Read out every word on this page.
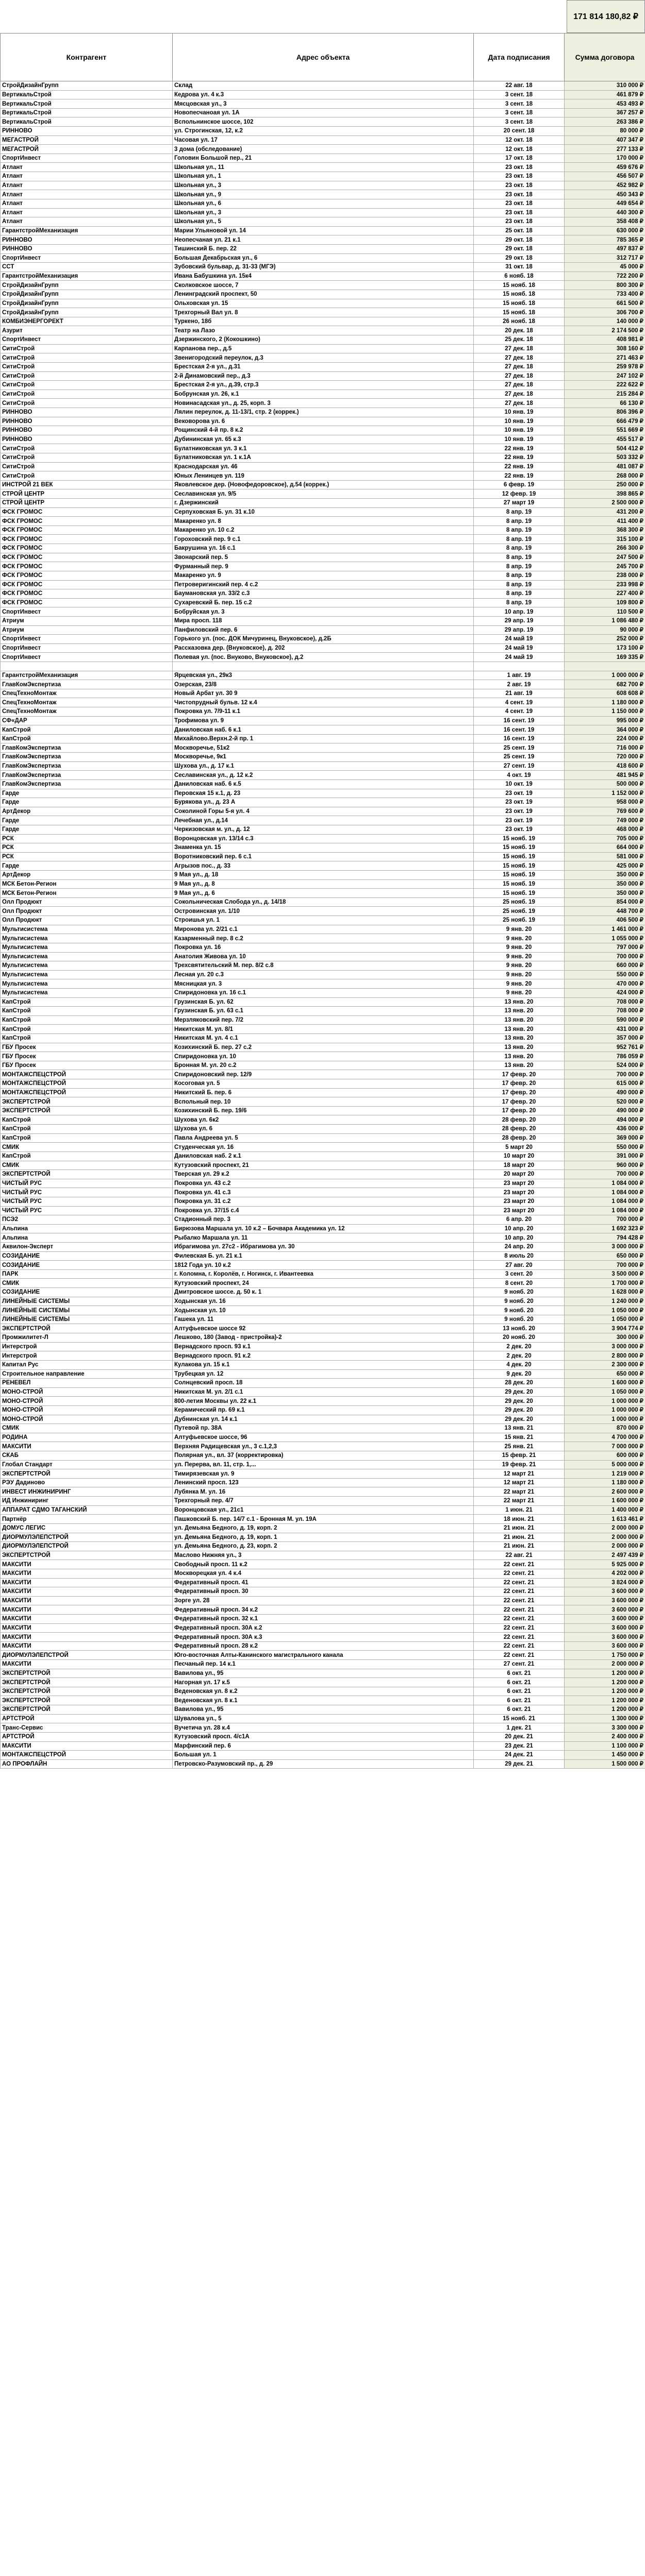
171 814 180,82 ₽
Контрагент	Адрес объекта	Дата подписания	Сумма договора
СтройДизайнГрупп	Склад	22 авг. 18	310 000 ₽
ВертикальСтрой	Кедрова ул. 4 к.3	3 сент. 18	461 879 ₽
ВертикальСтрой	Мясцовская ул., 3	3 сент. 18	453 493 ₽
ВертикальСтрой	Новопесчаноая ул. 1А	3 сент. 18	367 257 ₽
ВертикальСтрой	Вспольнинское шоссе, 102	3 сент. 18	263 386 ₽
РИННОВО	ул. Строгинская, 12, к.2	20 сент. 18	80 000 ₽
МЕГАСТРОЙ	Часовая ул. 17	12 окт. 18	407 347 ₽
МЕГАСТРОЙ	3 дома (обследование)	12 окт. 18	277 133 ₽
СпортИнвест	Головин Большой пер., 21	17 окт. 18	170 000 ₽
Атлант	Школьная ул., 11	23 окт. 18	459 676 ₽
Атлант	Школьная ул., 1	23 окт. 18	456 507 ₽
Атлант	Школьная ул., 3	23 окт. 18	452 982 ₽
Атлант	Школьная ул., 9	23 окт. 18	450 343 ₽
Атлант	Школьная ул., 6	23 окт. 18	449 654 ₽
Атлант	Школьная ул., 3	23 окт. 18	440 300 ₽
Атлант	Школьная ул., 5	23 окт. 18	358 408 ₽
ГарантстройМеханизация	Марии Ульяновой ул. 14	25 окт. 18	630 000 ₽
РИННОВО	Неопесчаная ул. 21 к.1	29 окт. 18	785 365 ₽
РИННОВО	Тишинский Б. пер. 22	29 окт. 18	497 837 ₽
СпортИнвест	Большая Декабрьская ул., 6	29 окт. 18	312 717 ₽
ССТ	Зубовский бульвар, д. 31-33 (МГЭ)	31 окт. 18	45 000 ₽
ГарантстройМеханизация	Ивана Бабушкина ул. 15к4	6 нояб. 18	722 200 ₽
СтройДизайнГрупп	Сколковское шоссе, 7	15 нояб. 18	800 300 ₽
СтройДизайнГрупп	Ленинградский проспект, 50	15 нояб. 18	733 400 ₽
СтройДизайнГрупп	Ольховская ул. 15	15 нояб. 18	661 500 ₽
СтройДизайнГрупп	Трехгорный Вал ул. 8	15 нояб. 18	306 700 ₽
КОМБИЭНЕРГОРЕКТ	Туркено, 18б	26 нояб. 18	140 000 ₽
Азурит	Театр на Лазо	20 дек. 18	2 174 500 ₽
СпортИнвест	Дзержинского, 2 (Кокошкино)	25 дек. 18	408 981 ₽
СитиСтрой	Карпанова пер., д.5	27 дек. 18	308 160 ₽
СитиСтрой	Звенигородский переулок, д.3	27 дек. 18	271 463 ₽
СитиСтрой	Брестская 2-я ул., д.31	27 дек. 18	259 978 ₽
СитиСтрой	2-й Динамовский пер., д.3	27 дек. 18	247 102 ₽
СитиСтрой	Брестская 2-я ул., д.39, стр.3	27 дек. 18	222 622 ₽
СитиСтрой	Бобрунская ул. 26, к.1	27 дек. 18	215 284 ₽
СитиСтрой	Новинасадская ул., д. 25, корп. 3	27 дек. 18	66 130 ₽
РИННОВО	Лялин переулок, д. 11-13/1, стр. 2 (коррек.)	10 янв. 19	806 396 ₽
РИННОВО	Вековорова ул. 6	10 янв. 19	666 479 ₽
РИННОВО	Рощинский 4-й пр. 8 к.2	10 янв. 19	551 669 ₽
РИННОВО	Дубининская ул. 65 к.3	10 янв. 19	455 517 ₽
СитиСтрой	Булатниковская ул. 3 к.1	22 янв. 19	504 412 ₽
СитиСтрой	Булатниковская ул. 1 к.1А	22 янв. 19	503 332 ₽
СитиСтрой	Краснодарская ул. 46	22 янв. 19	481 087 ₽
СитиСтрой	Юных Ленинцев ул. 119	22 янв. 19	268 000 ₽
ИНСТРОЙ 21 ВЕК	Яковлевское дер. (Новофедоровское), д.54 (коррек.)	6 февр. 19	250 000 ₽
СТРОЙ ЦЕНТР	Сеславинская ул. 9/5	12 февр. 19	398 865 ₽
СТРОЙ ЦЕНТР	г. Дзержинский	27 март 19	2 500 000 ₽
ФСК ГРОМОС	Серпуховская Б. ул. 31 к.10	8 апр. 19	431 200 ₽
ФСК ГРОМОС	Макаренко ул. 8	8 апр. 19	411 400 ₽
ФСК ГРОМОС	Макаренко ул. 10 с.2	8 апр. 19	368 300 ₽
ФСК ГРОМОС	Гороховский пер. 9 с.1	8 апр. 19	315 100 ₽
ФСК ГРОМОС	Бакрушина ул. 16 с.1	8 апр. 19	266 300 ₽
ФСК ГРОМОС	Звонарский пер. 5	8 апр. 19	247 500 ₽
ФСК ГРОМОС	Фурманный пер. 9	8 апр. 19	245 700 ₽
ФСК ГРОМОС	Макаренко ул. 9	8 апр. 19	238 000 ₽
ФСК ГРОМОС	Петроверигинский пер. 4 с.2	8 апр. 19	233 998 ₽
ФСК ГРОМОС	Баумановская ул. 33/2 с.3	8 апр. 19	227 400 ₽
ФСК ГРОМОС	Сухаревский Б. пер. 15 с.2	8 апр. 19	109 800 ₽
СпортИнвест	Бобруйская ул. 3	10 апр. 19	110 500 ₽
Атриум	Мира просп. 118	29 апр. 19	1 086 480 ₽
Атриум	Панфиловский пер. 6	29 апр. 19	90 000 ₽
СпортИнвест	Горького ул. (пос. ДОК Мичуринец, Внуковское), д.2Б	24 май 19	252 000 ₽
СпортИнвест	Рассказовка дер. (Внуковское), д. 202	24 май 19	173 100 ₽
СпортИнвест	Полевая ул. (пос. Внуково, Внуковское), д.2	24 май 19	169 335 ₽

ГарантстройМеханизация	Ярцевская ул., 29к3	1 авг. 19	1 000 000 ₽
ГлавКомЭкспертиза	Озерская, 23/8	2 авг. 19	682 700 ₽
СпецТехноМонтаж	Новый Арбат ул. 30 9	21 авг. 19	608 608 ₽
СпецТехноМонтаж	Чистопрудный бульв. 12 к.4	4 сент. 19	1 180 000 ₽
СпецТехноМонтаж	Покровка ул. 7/9-11 к.1	4 сент. 19	1 150 000 ₽
СФ«ДАР	Трофимова ул. 9	16 сент. 19	995 000 ₽
КапСтрой	Даниловская наб. 6 к.1	16 сент. 19	364 000 ₽
КапСтрой	Михайлово.Верхн.2-й пр. 1	16 сент. 19	224 000 ₽
ГлавКомЭкспертиза	Москворечье, 51к2	25 сент. 19	716 000 ₽
ГлавКомЭкспертиза	Москворечье, 9к1	25 сент. 19	720 000 ₽
ГлавКомЭкспертиза	Шухова ул., д. 17 к.1	27 сент. 19	418 600 ₽
ГлавКомЭкспертиза	Сеславинская ул., д. 12 к.2	4 окт. 19	481 945 ₽
ГлавКомЭкспертиза	Даниловская наб. 6 к.5	10 окт. 19	500 000 ₽
Гарде	Перовская 15 к.1, д. 23	23 окт. 19	1 152 000 ₽
Гарде	Бурякова ул., д. 23 А	23 окт. 19	958 000 ₽
АртДекор	Соколиной Горы 5-я ул. 4	23 окт. 19	769 600 ₽
Гарде	Лечебная ул., д.14	23 окт. 19	749 000 ₽
Гарде	Черкизовская м. ул., д. 12	23 окт. 19	468 000 ₽
РСК	Воронцовская ул. 13/14 с.3	15 нояб. 19	705 000 ₽
РСК	Знаменка ул. 15	15 нояб. 19	664 000 ₽
РСК	Воротниковский пер. 6 с.1	15 нояб. 19	581 000 ₽
Гарде	Агрызов пос., д. 33	15 нояб. 19	425 000 ₽
АртДекор	9 Мая ул., д. 18	15 нояб. 19	350 000 ₽
МСК Бетон-Регион	9 Мая ул., д. 8	15 нояб. 19	350 000 ₽
МСК Бетон-Регион	9 Мая ул., д. 6	15 нояб. 19	350 000 ₽
Олл Продюкт	Сокольническая Слобода ул., д. 14/18	25 нояб. 19	854 000 ₽
Олл Продюкт	Островинская ул. 1/10	25 нояб. 19	448 700 ₽
Олл Продюкт	Строишья ул. 1	25 нояб. 19	406 500 ₽
Мультисистема	Миронова ул. 2/21 с.1	9 янв. 20	1 461 000 ₽
Мультисистема	Казарменный пер. 8 с.2	9 янв. 20	1 055 000 ₽
Мультисистема	Покровка ул. 16	9 янв. 20	797 000 ₽
Мультисистема	Анатолия Живова ул. 10	9 янв. 20	700 000 ₽
Мультисистема	Трехсвятительский М. пер. 8/2 с.8	9 янв. 20	660 000 ₽
Мультисистема	Лесная ул. 20 с.3	9 янв. 20	550 000 ₽
Мультисистема	Мясницкая ул. 3	9 янв. 20	470 000 ₽
Мультисистема	Спиридоновка ул. 16 с.1	9 янв. 20	424 000 ₽
КапСтрой	Грузинская Б. ул. 62	13 янв. 20	708 000 ₽
КапСтрой	Грузинская Б. ул. 63 с.1	13 янв. 20	708 000 ₽
КапСтрой	Мерзляковский пер. 7/2	13 янв. 20	590 000 ₽
КапСтрой	Никитская М. ул. 8/1	13 янв. 20	431 000 ₽
КапСтрой	Никитская М. ул. 4 с.1	13 янв. 20	357 000 ₽
ГБУ Просек	Козихинский Б. пер. 27 с.2	13 янв. 20	952 761 ₽
ГБУ Просек	Спиридоновка ул. 10	13 янв. 20	786 059 ₽
ГБУ Просек	Бронная М. ул. 20 с.2	13 янв. 20	524 000 ₽
МОНТАЖСПЕЦСТРОЙ	Спиридоновский пер. 12/9	17 февр. 20	700 000 ₽
МОНТАЖСПЕЦСТРОЙ	Косоговая ул. 5	17 февр. 20	615 000 ₽
МОНТАЖСПЕЦСТРОЙ	Никитский Б. пер. 6	17 февр. 20	490 000 ₽
ЭКСПЕРТСТРОЙ	Вспольный пер. 10	17 февр. 20	520 000 ₽
ЭКСПЕРТСТРОЙ	Козихинский Б. пер. 19/6	17 февр. 20	490 000 ₽
КапСтрой	Шухова ул. 6к2	28 февр. 20	494 000 ₽
КапСтрой	Шухова ул. 6	28 февр. 20	436 000 ₽
КапСтрой	Павла Андреева ул. 5	28 февр. 20	369 000 ₽
СМИК	Студенческая ул. 16	5 март 20	550 000 ₽
КапСтрой	Даниловская наб. 2 к.1	10 март 20	391 000 ₽
СМИК	Кутузовский проспект, 21	18 март 20	960 000 ₽
ЭКСПЕРТСТРОЙ	Тверская ул. 29 к.2	20 март 20	700 000 ₽
ЧИСТЫЙ РУС	Покровка ул. 43 с.2	23 март 20	1 084 000 ₽
ЧИСТЫЙ РУС	Покровка ул. 41 с.3	23 март 20	1 084 000 ₽
ЧИСТЫЙ РУС	Покровка ул. 31 с.2	23 март 20	1 084 000 ₽
ЧИСТЫЙ РУС	Покровка ул. 37/15 с.4	23 март 20	1 084 000 ₽
ПСЭ2	Стадионный пер. 3	6 апр. 20	700 000 ₽
Альпина	Бирюзова Маршала ул. 10 к.2 – Бочвара Академика ул. 12	10 апр. 20	1 692 323 ₽
Альпина	Рыбалко Маршала ул. 11	10 апр. 20	794 428 ₽
Аквилон-Эксперт	Ибрагимова ул. 27с2 - Ибрагимова ул. 30	24 апр. 20	3 000 000 ₽
СОЗИДАНИЕ	Филевская Б. ул. 21 к.1	8 июль 20	650 000 ₽
СОЗИДАНИЕ	1812 Года ул. 10 к.2	27 авг. 20	700 000 ₽
ПАРК	г. Коломна, г. Королёв, г. Ногинск, г. Ивантеевка	3 сент. 20	3 500 000 ₽
СМИК	Кутузовский проспект, 24	8 сент. 20	1 700 000 ₽
СОЗИДАНИЕ	Дмитровское шоссе. д. 50 к. 1	9 нояб. 20	1 628 000 ₽
ЛИНЕЙНЫЕ СИСТЕМЫ	Ходынская ул. 16	9 нояб. 20	1 240 000 ₽
ЛИНЕЙНЫЕ СИСТЕМЫ	Ходынская ул. 10	9 нояб. 20	1 050 000 ₽
ЛИНЕЙНЫЕ СИСТЕМЫ	Гашека ул. 11	9 нояб. 20	1 050 000 ₽
ЭКСПЕРТСТРОЙ	Алтуфьевское шоссе 92	13 нояб. 20	3 904 774 ₽
Промжилитет-Л	Лешково, 180 (Завод - пристройка)-2	20 нояб. 20	300 000 ₽
Интерстрой	Вернадского просп. 93 к.1	2 дек. 20	3 000 000 ₽
Интерстрой	Вернадского просп. 91 к.2	2 дек. 20	2 800 000 ₽
Капитал Рус	Кулакова ул. 15 к.1	4 дек. 20	2 300 000 ₽
Строительное направление	Трубецкая ул. 12	9 дек. 20	650 000 ₽
РЕНЕВЕЛ	Солнцевский просп. 18	28 дек. 20	1 600 000 ₽
МОНО-СТРОЙ	Никитская М. ул. 2/1 с.1	29 дек. 20	1 050 000 ₽
МОНО-СТРОЙ	800-летия Москвы ул. 22 к.1	29 дек. 20	1 000 000 ₽
МОНО-СТРОЙ	Керамический пр. 69 к.1	29 дек. 20	1 000 000 ₽
МОНО-СТРОЙ	Дубнинская ул. 14 к.1	29 дек. 20	1 000 000 ₽
СМИК	Путевой пр. 38А	13 янв. 21	870 000 ₽
РОДИНА	Алтуфьевское шоссе, 96	15 янв. 21	4 700 000 ₽
МАКСИТИ	Верхняя Радищевская ул., 3 с.1,2,3	25 янв. 21	7 000 000 ₽
СКАБ	Полярная ул., вл. 37 (корректировка)	15 февр. 21	600 000 ₽
Глобал Стандарт	ул. Перерва, вл. 11, стр. 1,...	19 февр. 21	5 000 000 ₽
ЭКСПЕРТСТРОЙ	Тимирязевская ул. 9	12 март 21	1 219 000 ₽
РЭУ Дадиново	Ленинский просп. 123	12 март 21	1 180 000 ₽
ИНВЕСТ ИНЖИНИРИНГ	Лубянка М. ул. 16	22 март 21	2 600 000 ₽
ИД Инжиниринг	Трехгорный пер. 4/7	22 март 21	1 600 000 ₽
АППАРАТ СДМО ТАГАНСКИЙ	Воронцовская ул., 21с1	1 июн. 21	1 400 000 ₽
Партнёр	Пашковский Б. пер. 14/7 с.1 - Бронная М. ул. 19А	18 июн. 21	1 613 461 ₽
ДОМУС ЛЕГИС	ул. Демьяна Бедного, д. 19, корп. 2	21 июн. 21	2 000 000 ₽
ДИОРМУЛЭЛЕПСТРОЙ	ул. Демьяна Бедного, д. 19, корп. 1	21 июн. 21	2 000 000 ₽
ДИОРМУЛЭЛЕПСТРОЙ	ул. Демьяна Бедного, д. 23, корп. 2	21 июн. 21	2 000 000 ₽
ЭКСПЕРТСТРОЙ	Маслово Нижняя ул., 3	22 авг. 21	2 497 439 ₽
МАКСИТИ	Свободный просп. 11 к.2	22 сент. 21	5 925 000 ₽
МАКСИТИ	Москворецкая ул. 4 к.4	22 сент. 21	4 202 000 ₽
МАКСИТИ	Федеративный просп. 41	22 сент. 21	3 824 000 ₽
МАКСИТИ	Федеративный просп. 30	22 сент. 21	3 600 000 ₽
МАКСИТИ	Зорге ул. 28	22 сент. 21	3 600 000 ₽
МАКСИТИ	Федеративный просп. 34 к.2	22 сент. 21	3 600 000 ₽
МАКСИТИ	Федеративный просп. 32 к.1	22 сент. 21	3 600 000 ₽
МАКСИТИ	Федеративный просп. 30А к.2	22 сент. 21	3 600 000 ₽
МАКСИТИ	Федеративный просп. 30А к.3	22 сент. 21	3 600 000 ₽
МАКСИТИ	Федеративный просп. 28 к.2	22 сент. 21	3 600 000 ₽
ДИОРМУЛЭЛЕПСТРОЙ	Юго-восточная Алты-Канинского магистрального канала	22 сент. 21	1 750 000 ₽
МАКСИТИ	Песчаный пер. 14 к.1	27 сент. 21	2 000 000 ₽
ЭКСПЕРТСТРОЙ	Вавилова ул., 95	6 окт. 21	1 200 000 ₽
ЭКСПЕРТСТРОЙ	Нагорная ул. 17 к.5	6 окт. 21	1 200 000 ₽
ЭКСПЕРТСТРОЙ	Веденовская ул. 8 к.2	6 окт. 21	1 200 000 ₽
ЭКСПЕРТСТРОЙ	Веденовская ул. 8 к.1	6 окт. 21	1 200 000 ₽
ЭКСПЕРТСТРОЙ	Вавилова ул., 95	6 окт. 21	1 200 000 ₽
АРТСТРОЙ	Шувалова ул., 5	15 нояб. 21	1 300 000 ₽
Транс-Сервис	Вучетича ул. 28 к.4	1 дек. 21	3 300 000 ₽
АРТСТРОЙ	Кутузовский просп. 4/с1А	20 дек. 21	2 400 000 ₽
МАКСИТИ	Марфинский пер. 6	23 дек. 21	1 100 000 ₽
МОНТАЖСПЕЦСТРОЙ	Большая ул. 1	24 дек. 21	1 450 000 ₽
АО ПРОФЛАЙН	Петровско-Разумовский пр., д. 29	29 дек. 21	1 500 000 ₽
